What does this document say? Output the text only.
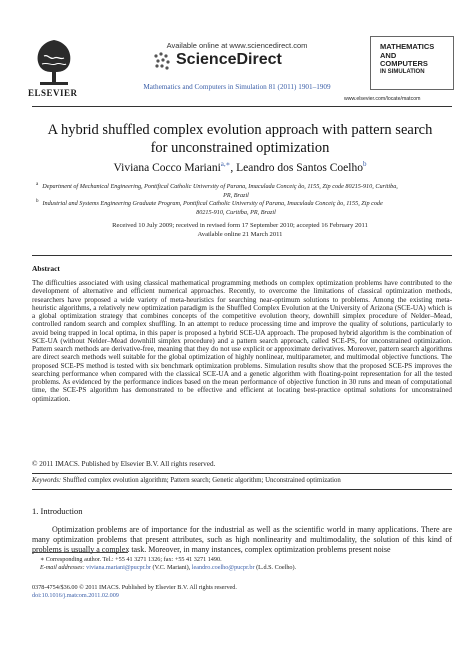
ELSEVIER
Available online at www.sciencedirect.com
ScienceDirect
Mathematics and Computers in Simulation 81 (2011) 1901–1909
MATHEMATICS
AND
COMPUTERS
IN SIMULATION
www.elsevier.com/locate/matcom
A hybrid shuffled complex evolution approach with pattern search
for unconstrained optimization
Viviana Cocco Mariani$^{a,∗}$, Leandro dos Santos Coelho$^b$
$^a$ Department of Mechanical Engineering, Pontifical Catholic University of Parana, Imaculada Conceiç ão, 1155, Zip code 80215-910, Curitiba,
PR, Brazil
$^b$ Industrial and Systems Engineering Graduate Program, Pontifical Catholic University of Parana, Imaculada Conceiç ão, 1155, Zip code
80215-910, Curitiba, PR, Brazil
Received 10 July 2009; received in revised form 17 September 2010; accepted 16 February 2011
Available online 21 March 2011
Abstract
The difficulties associated with using classical mathematical programming methods on complex optimization problems have contributed to the development of alternative and efficient numerical approaches. Recently, to overcome the limitations of classical optimization methods, researchers have proposed a wide variety of meta-heuristics for searching near-optimum solutions to problems. Among the existing meta-heuristic algorithms, a relatively new optimization paradigm is the Shuffled Complex Evolution at the University of Arizona (SCE-UA) which is a global optimization strategy that combines concepts of the competitive evolution theory, downhill simplex procedure of Nelder–Mead, controlled random search and complex shuffling. In an attempt to reduce processing time and improve the quality of solutions, particularly to avoid being trapped in local optima, in this paper is proposed a hybrid SCE-UA approach. The proposed hybrid algorithm is the combination of SCE-UA (without Nelder–Mead downhill simplex procedure) and a pattern search approach, called SCE-PS, for unconstrained optimization. Pattern search methods are derivative-free, meaning that they do not use explicit or approximate derivatives. Moreover, pattern search algorithms are direct search methods well suitable for the global optimization of highly nonlinear, multiparameter, and multimodal objective functions. The proposed SCE-PS method is tested with six benchmark optimization problems. Simulation results show that the proposed SCE-PS improves the searching performance when compared with the classical SCE-UA and a genetic algorithm with floating-point representation for all the tested problems. As evidenced by the performance indices based on the mean performance of objective function in 30 runs and mean of computational time, the SCE-PS algorithm has demonstrated to be effective and efficient at locating best-practice optimal solutions for unconstrained optimization.
© 2011 IMACS. Published by Elsevier B.V. All rights reserved.
Keywords: Shuffled complex evolution algorithm; Pattern search; Genetic algorithm; Unconstrained optimization
1. Introduction
Optimization problems are of importance for the industrial as well as the scientific world in many applications. There are many optimization problems that present attributes, such as high nonlinearity and multimodality, the solution of this kind of problems is usually a complex task. Moreover, in many instances, complex optimization problems present noise
∗ Corresponding author. Tel.: +55 41 3271 1326; fax: +55 41 3271 1490.
E-mail addresses: viviana.mariani@pucpr.br (V.C. Mariani), leandro.coelho@pucpr.br (L.d.S. Coelho).
0378-4754/$36.00 © 2011 IMACS. Published by Elsevier B.V. All rights reserved.
doi:10.1016/j.matcom.2011.02.009
